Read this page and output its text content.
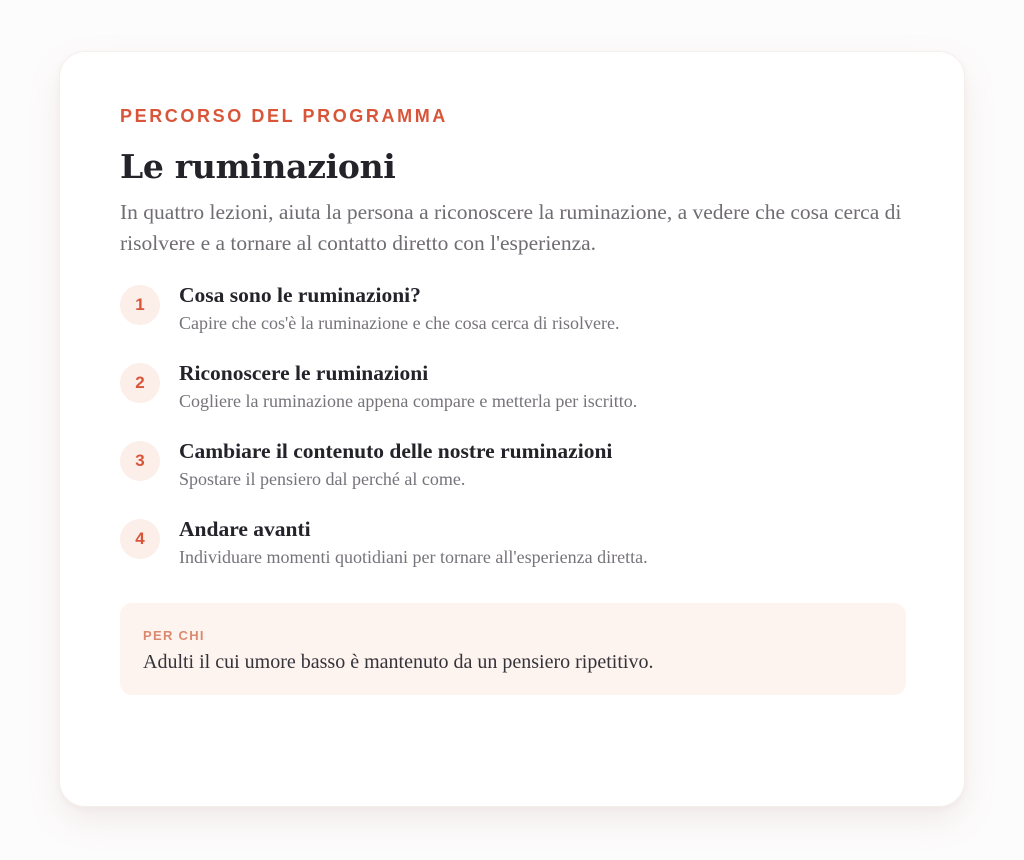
PERCORSO DEL PROGRAMMA

Le ruminazioni

In quattro lezioni, aiuta la persona a riconoscere la ruminazione, a vedere che cosa cerca di risolvere e a tornare al contatto diretto con l'esperienza.

1	Cosa sono le ruminazioni?
Capire che cos'è la ruminazione e che cosa cerca di risolvere.
2	Riconoscere le ruminazioni
Cogliere la ruminazione appena compare e metterla per iscritto.
3	Cambiare il contenuto delle nostre ruminazioni
Spostare il pensiero dal perché al come.
4	Andare avanti
Individuare momenti quotidiani per tornare all'esperienza diretta.
PER CHI
Adulti il cui umore basso è mantenuto da un pensiero ripetitivo.
